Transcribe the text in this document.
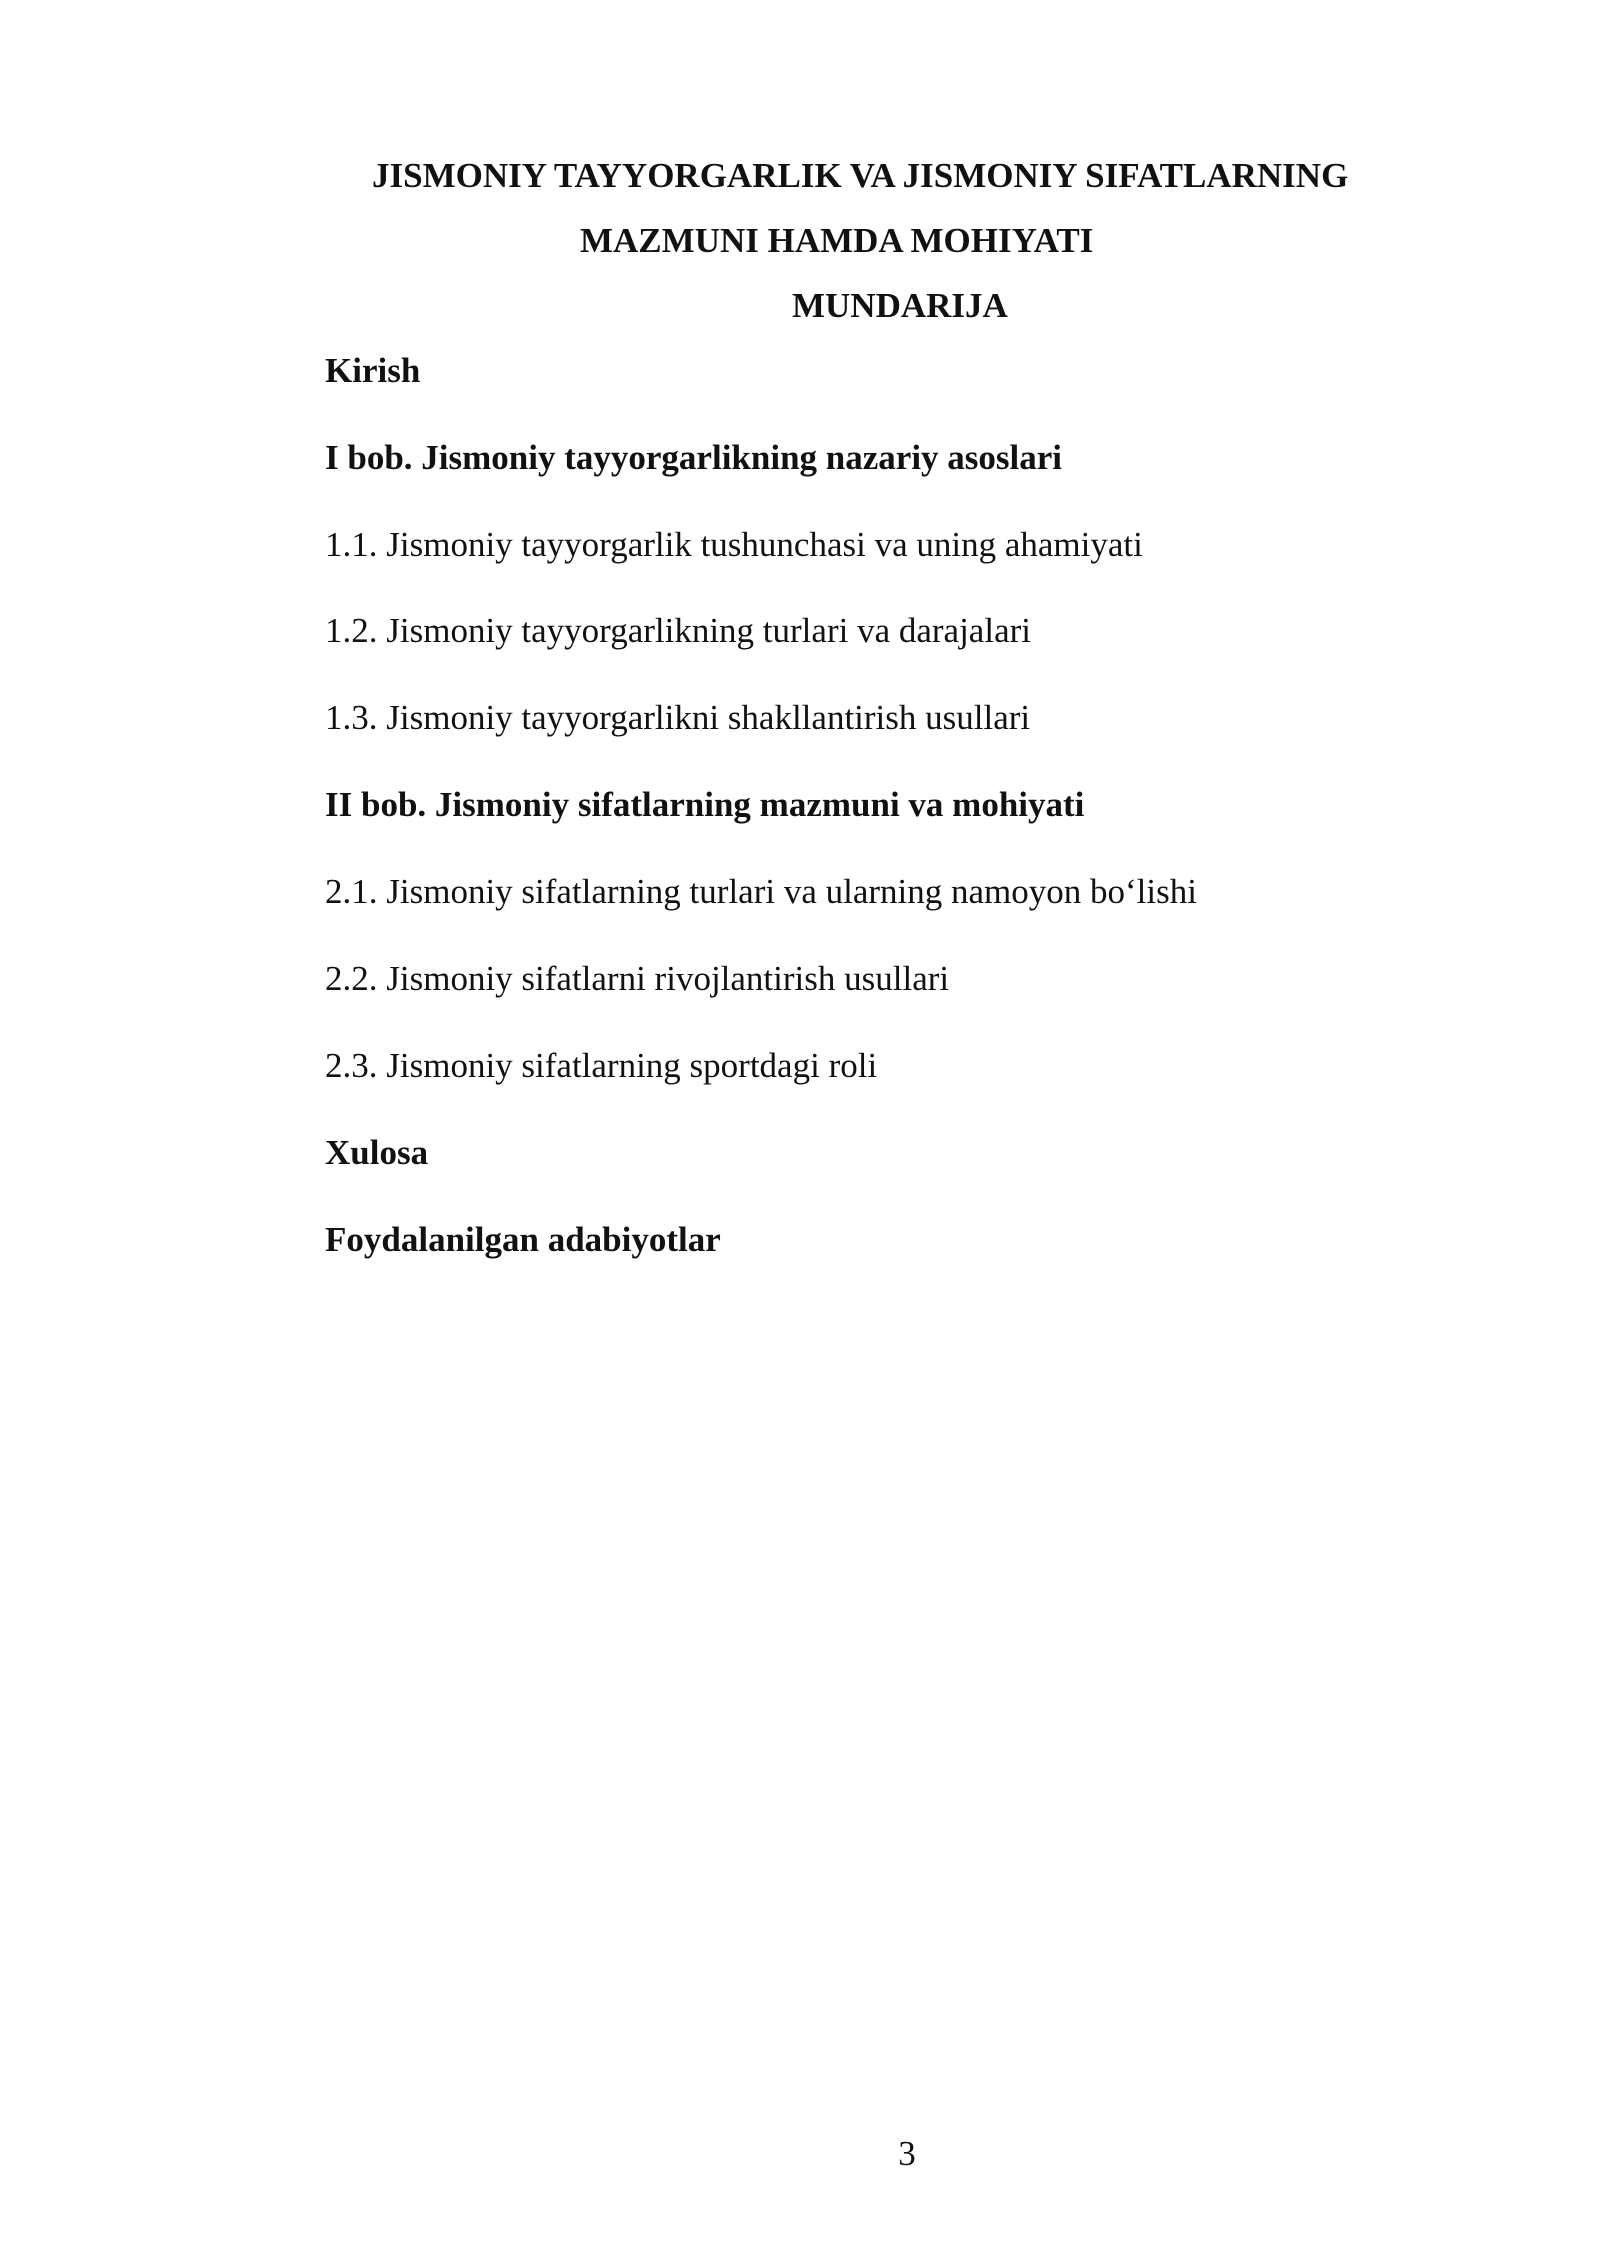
JISMONIY TAYYORGARLIK VA JISMONIY SIFATLARNING
MAZMUNI HAMDA MOHIYATI
MUNDARIJA
Kirish
I bob. Jismoniy tayyorgarlikning nazariy asoslari
1.1. Jismoniy tayyorgarlik tushunchasi va uning ahamiyati
1.2. Jismoniy tayyorgarlikning turlari va darajalari
1.3. Jismoniy tayyorgarlikni shakllantirish usullari
II bob. Jismoniy sifatlarning mazmuni va mohiyati
2.1. Jismoniy sifatlarning turlari va ularning namoyon bo‘lishi
2.2. Jismoniy sifatlarni rivojlantirish usullari
2.3. Jismoniy sifatlarning sportdagi roli
Xulosa
Foydalanilgan adabiyotlar
3
